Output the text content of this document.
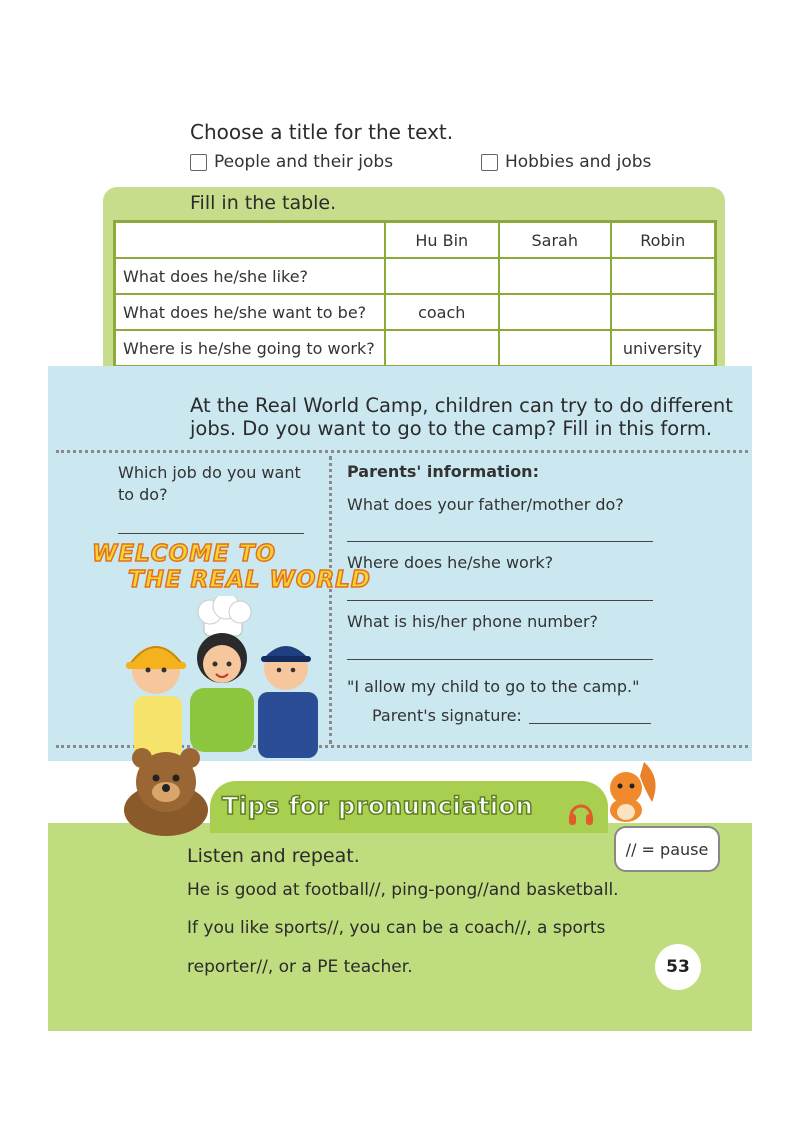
Choose a title for the text.
People and their jobs	Hobbies and jobs
Fill in the table.
	Hu Bin	Sarah	Robin
What does he/she like?			
What does he/she want to be?	coach		
Where is he/she going to work?			university
At the Real World Camp, children can try to do different jobs. Do you want to go to the camp? Fill in this form.
Which job do you want to do?
WELCOME TO
THE REAL WORLD
Parents' information:
What does your father/mother do?
Where does he/she work?
What is his/her phone number?
"I allow my child to go to the camp."
Parent's signature:
Tips for pronunciation
// = pause
Listen and repeat.
He is good at football//, ping-pong//and basketball.
If you like sports//, you can be a coach//, a sports
reporter//, or a PE teacher.	53
